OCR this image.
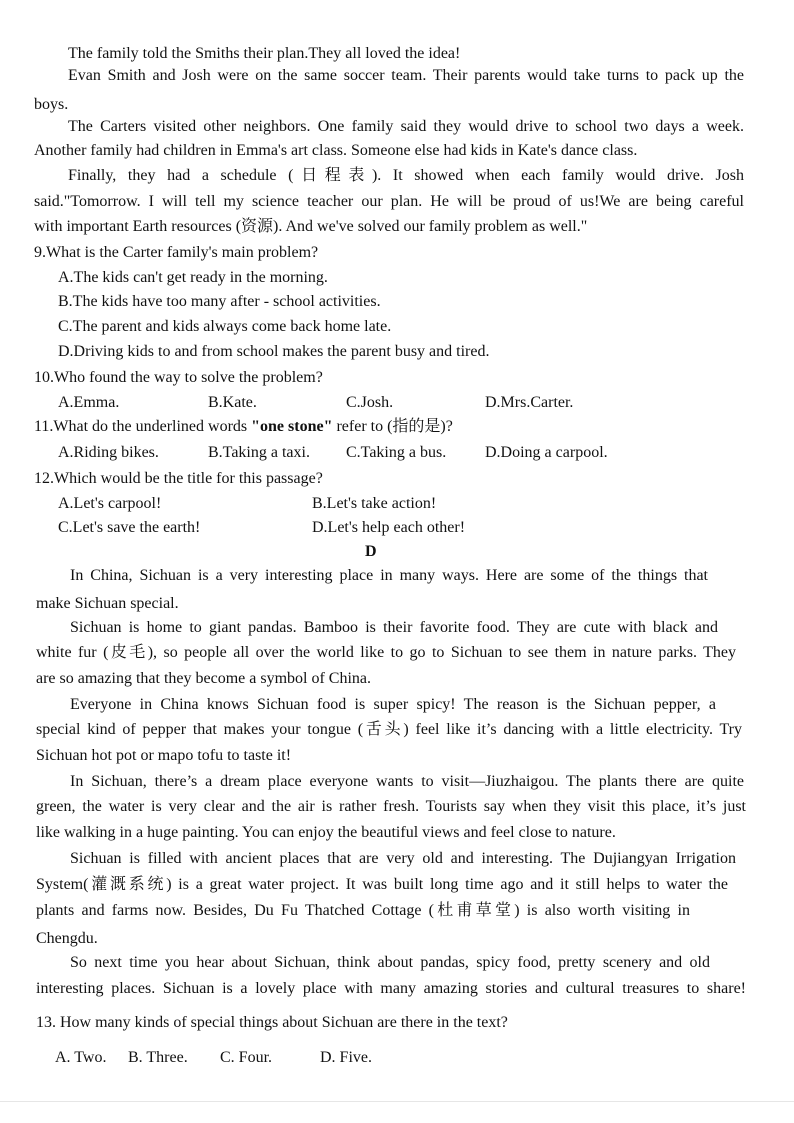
The family told the Smiths their plan.They all loved the idea!
Evan Smith and Josh were on the same soccer team. Their parents would take turns to pack up the
boys.
The Carters visited other neighbors. One family said they would drive to school two days a week.
Another family had children in Emma's art class. Someone else had kids in Kate's dance class.
Finally, they had a schedule (日程表). It showed when each family would drive. Josh
said."Tomorrow. I will tell my science teacher our plan. He will be proud of us!We are being careful
with important Earth resources (资源). And we've solved our family problem as well."
9.What is the Carter family's main problem?
A.The kids can't get ready in the morning.
B.The kids have too many after - school activities.
C.The parent and kids always come back home late.
D.Driving kids to and from school makes the parent busy and tired.
10.Who found the way to solve the problem?
A.Emma.	B.Kate.	C.Josh.	D.Mrs.Carter.
11.What do the underlined words "one stone" refer to (指的是)?
A.Riding bikes.	B.Taking a taxi. C.Taking a bus. D.Doing a carpool.
12.Which would be the title for this passage?
A.Let's carpool!	B.Let's take action!
C.Let's save the earth!	D.Let's help each other!
D
In China, Sichuan is a very interesting place in many ways. Here are some of the things that
make Sichuan special.
Sichuan is home to giant pandas. Bamboo is their favorite food. They are cute with black and
white fur (皮毛), so people all over the world like to go to Sichuan to see them in nature parks. They
are so amazing that they become a symbol of China.
Everyone in China knows Sichuan food is super spicy! The reason is the Sichuan pepper, a
special kind of pepper that makes your tongue (舌头) feel like it’s dancing with a little electricity. Try
Sichuan hot pot or mapo tofu to taste it!
In Sichuan, there’s a dream place everyone wants to visit—Jiuzhaigou. The plants there are quite
green, the water is very clear and the air is rather fresh. Tourists say when they visit this place, it’s just
like walking in a huge painting. You can enjoy the beautiful views and feel close to nature.
Sichuan is filled with ancient places that are very old and interesting. The Dujiangyan Irrigation
System(灌溉系统) is a great water project. It was built long time ago and it still helps to water the
plants and farms now. Besides, Du Fu Thatched Cottage (杜甫草堂) is also worth visiting in
Chengdu.
So next time you hear about Sichuan, think about pandas, spicy food, pretty scenery and old
interesting places. Sichuan is a lovely place with many amazing stories and cultural treasures to share!
13. How many kinds of special things about Sichuan are there in the text?
A. Two. B. Three. C. Four.	D. Five.
